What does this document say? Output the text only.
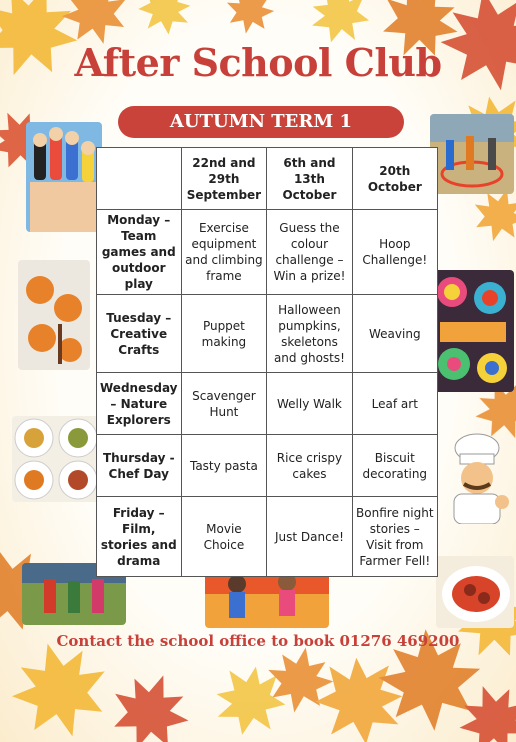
After School Club
AUTUMN TERM 1
	22nd and 29th September	6th and 13th October	20th October
Monday – Team games and outdoor play	Exercise equipment and climbing frame	Guess the colour challenge – Win a prize!	Hoop Challenge!
Tuesday – Creative Crafts	Puppet making	Halloween pumpkins, skeletons and ghosts!	Weaving
Wednesday – Nature Explorers	Scavenger Hunt	Welly Walk	Leaf art
Thursday - Chef Day	Tasty pasta	Rice crispy cakes	Biscuit decorating
Friday – Film, stories and drama	Movie Choice	Just Dance!	Bonfire night stories – Visit from Farmer Fell!
Contact the school office to book 01276 469200
